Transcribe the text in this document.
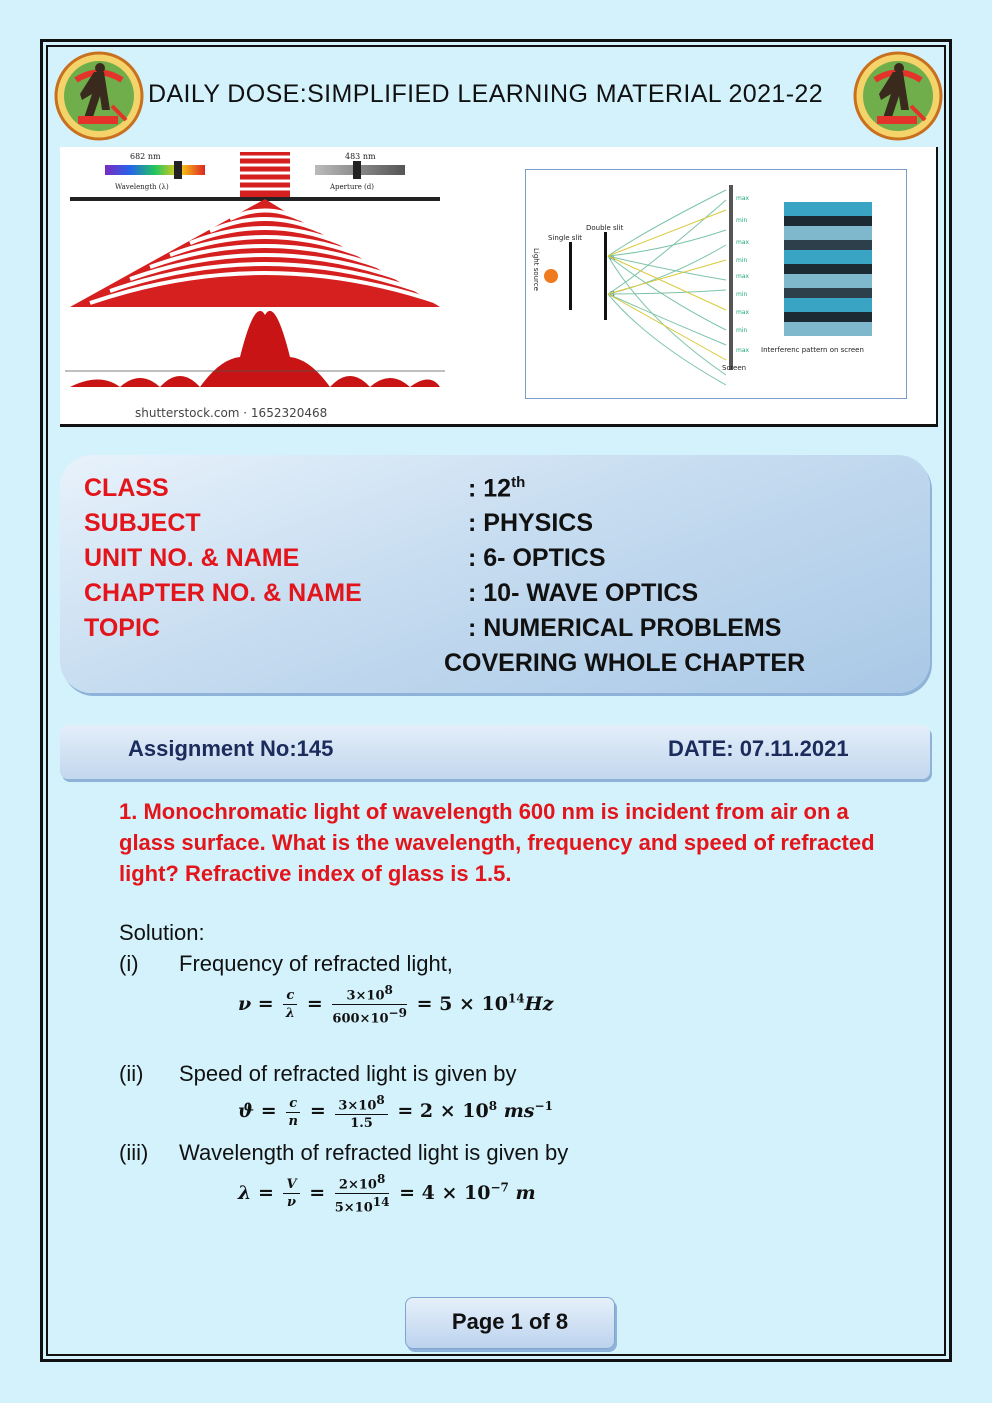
DAILY DOSE:SIMPLIFIED LEARNING MATERIAL 2021-22
682 nm	483 nm
Wavelength (λ)	Aperture (d)
shutterstock.com · 1652320468
Light source
Single slit
Double slit
A
B
max
min
max
min
max
min
max
min
max
Screen
Interferenc pattern on screen
CLASS	: 12th
SUBJECT	: PHYSICS
UNIT NO. & NAME	: 6- OPTICS
CHAPTER NO. & NAME	: 10- WAVE OPTICS
TOPIC	: NUMERICAL PROBLEMS
COVERING WHOLE CHAPTER
Assignment No:145	DATE: 07.11.2021
1. Monochromatic light of wavelength 600 nm is incident from air on a glass surface. What is the wavelength, frequency and speed of refracted light? Refractive index of glass is 1.5.
Solution:
(i) Frequency of refracted light,
$\nu = \frac{c}{\lambda} = \frac{3\times 10^8}{600\times 10^{-9}} = 5 \times 10^{14}Hz$
(ii) Speed of refracted light is given by
$ϑ = \frac{c}{n} = \frac{3\times 10^8}{1.5} = 2 \times 10^8$ $ms^{-1}$
(iii) Wavelength of refracted light is given by
$\lambda = \frac{V}{\nu} = \frac{2\times 10^8}{5\times 10^{14}} = 4 \times 10^{-7}$ m
Page 1 of 8
